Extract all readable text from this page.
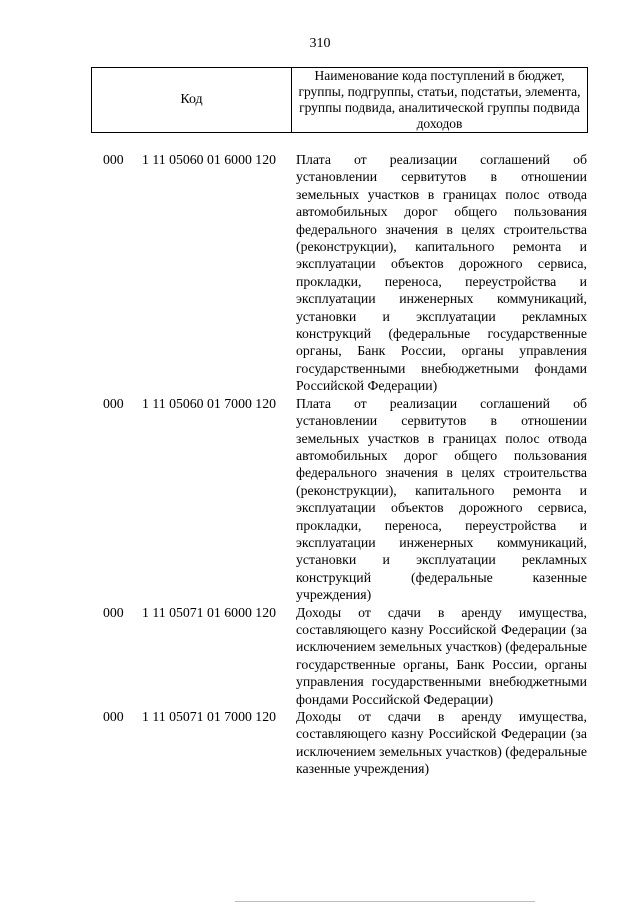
310
Код
Наименование кода поступлений в бюджет, группы, подгруппы, статьи, подстатьи, элемента, группы подвида, аналитической группы подвида доходов
000 1 11 05060 01 6000 120 Плата от реализации соглашений об установлении сервитутов в отношении земельных участков в границах полос отвода автомобильных дорог общего пользования федерального значения в целях строительства (реконструкции), капитального ремонта и эксплуатации объектов дорожного сервиса, прокладки, переноса, переустройства и эксплуатации инженерных коммуникаций, установки и эксплуатации рекламных конструкций (федеральные государственные органы, Банк России, органы управления государственными внебюджетными фондами Российской Федерации)
000 1 11 05060 01 7000 120 Плата от реализации соглашений об установлении сервитутов в отношении земельных участков в границах полос отвода автомобильных дорог общего пользования федерального значения в целях строительства (реконструкции), капитального ремонта и эксплуатации объектов дорожного сервиса, прокладки, переноса, переустройства и эксплуатации инженерных коммуникаций, установки и эксплуатации рекламных конструкций (федеральные казенные учреждения)
000 1 11 05071 01 6000 120 Доходы от сдачи в аренду имущества, составляющего казну Российской Федерации (за исключением земельных участков) (федеральные государственные органы, Банк России, органы управления государственными внебюджетными фондами Российской Федерации)
000 1 11 05071 01 7000 120 Доходы от сдачи в аренду имущества, составляющего казну Российской Федерации (за исключением земельных участков) (федеральные казенные учреждения)
